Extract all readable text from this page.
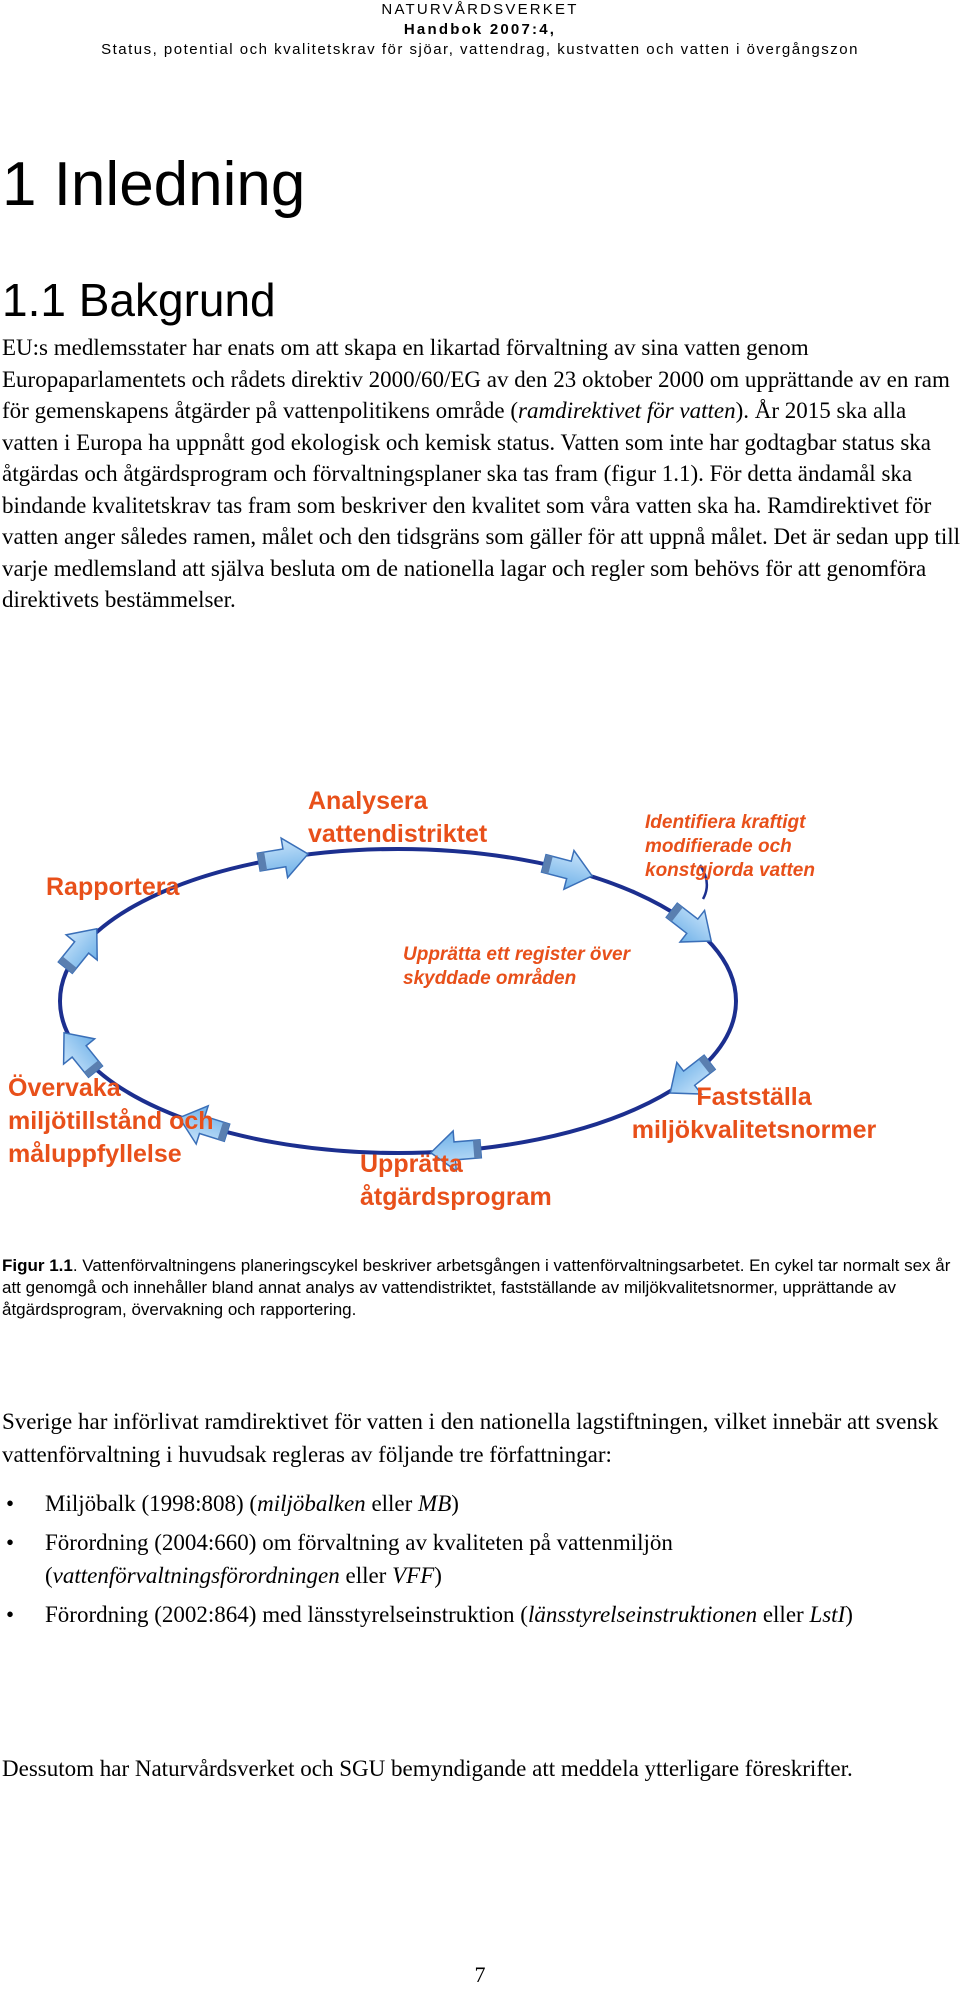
NATURVÅRDSVERKET
Handbok 2007:4,
Status, potential och kvalitetskrav för sjöar, vattendrag, kustvatten och vatten i övergångszon
1 Inledning
1.1 Bakgrund

EU:s medlemsstater har enats om att skapa en likartad förvaltning av sina vatten genom Europaparlamentets och rådets direktiv 2000/60/EG av den 23 oktober 2000 om upprättande av en ram för gemenskapens åtgärder på vattenpolitikens område (ramdirektivet för vatten). År 2015 ska alla vatten i Europa ha uppnått god ekologisk och kemisk status. Vatten som inte har godtagbar status ska åtgärdas och åtgärdsprogram och förvaltningsplaner ska tas fram (figur 1.1). För detta ändamål ska bindande kvalitetskrav tas fram som beskriver den kvalitet som våra vatten ska ha. Ramdirektivet för vatten anger således ramen, målet och den tidsgräns som gäller för att uppnå målet. Det är sedan upp till varje medlemsland att själva besluta om de nationella lagar och regler som behövs för att genomföra direktivets bestämmelser.

Analysera
vattendistriktet
Rapportera
Identifiera kraftigt
modifierade och
konstgjorda vatten
Upprätta ett register över
skyddade områden
Övervaka
miljötillstånd och
måluppfyllelse
Fastställa
miljökvalitetsnormer
Upprätta
åtgärdsprogram

Figur 1.1. Vattenförvaltningens planeringscykel beskriver arbetsgången i vattenförvaltningsarbetet. En cykel tar normalt sex år att genomgå och innehåller bland annat analys av vattendistriktet, fastställande av miljökvalitetsnormer, upprättande av åtgärdsprogram, övervakning och rapportering.

Sverige har införlivat ramdirektivet för vatten i den nationella lagstiftningen, vilket innebär att svensk vattenförvaltning i huvudsak regleras av följande tre författningar:

• Miljöbalk (1998:808) (miljöbalken eller MB)
• Förordning (2004:660) om förvaltning av kvaliteten på vattenmiljön (vattenförvaltningsförordningen eller VFF)
• Förordning (2002:864) med länsstyrelseinstruktion (länsstyrelseinstruktionen eller LstI)

Dessutom har Naturvårdsverket och SGU bemyndigande att meddela ytterligare föreskrifter.

7
